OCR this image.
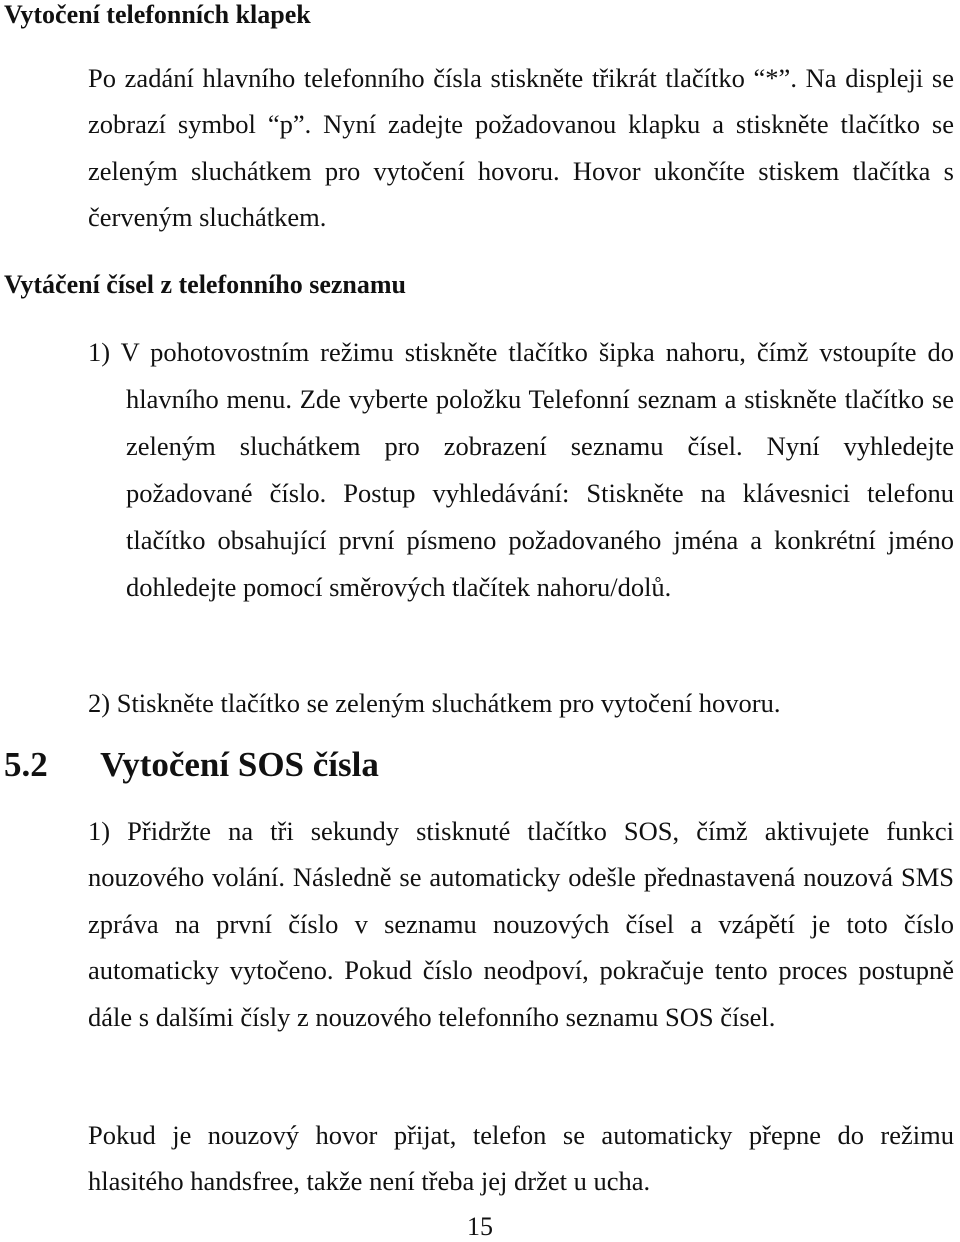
Vytočení telefonních klapek

Po zadání hlavního telefonního čísla stiskněte třikrát tlačítko “*”. Na displeji se zobrazí symbol “p”. Nyní zadejte požadovanou klapku a stiskněte tlačítko se zeleným sluchátkem pro vytočení hovoru. Hovor ukončíte stiskem tlačítka s červeným sluchátkem.

Vytáčení čísel z telefonního seznamu
1) V pohotovostním režimu stiskněte tlačítko šipka nahoru, čímž vstoupíte do hlavního menu. Zde vyberte položku Telefonní seznam a stiskněte tlačítko se zeleným sluchátkem pro zobrazení seznamu čísel. Nyní vyhledejte požadované číslo. Postup vyhledávání: Stiskněte na klávesnici telefonu tlačítko obsahující první písmeno požadovaného jména a konkrétní jméno dohledejte pomocí směrových tlačítek nahoru/dolů.
2) Stiskněte tlačítko se zeleným sluchátkem pro vytočení hovoru.
5.2 Vytočení SOS čísla

1) Přidržte na tři sekundy stisknuté tlačítko SOS, čímž aktivujete funkci nouzového volání. Následně se automaticky odešle přednastavená nouzová SMS zpráva na první číslo v seznamu nouzových čísel a vzápětí je toto číslo automaticky vytočeno. Pokud číslo neodpoví, pokračuje tento proces postupně dále s dalšími čísly z nouzového telefonního seznamu SOS čísel.

Pokud je nouzový hovor přijat, telefon se automaticky přepne do režimu hlasitého handsfree, takže není třeba jej držet u ucha.

15
